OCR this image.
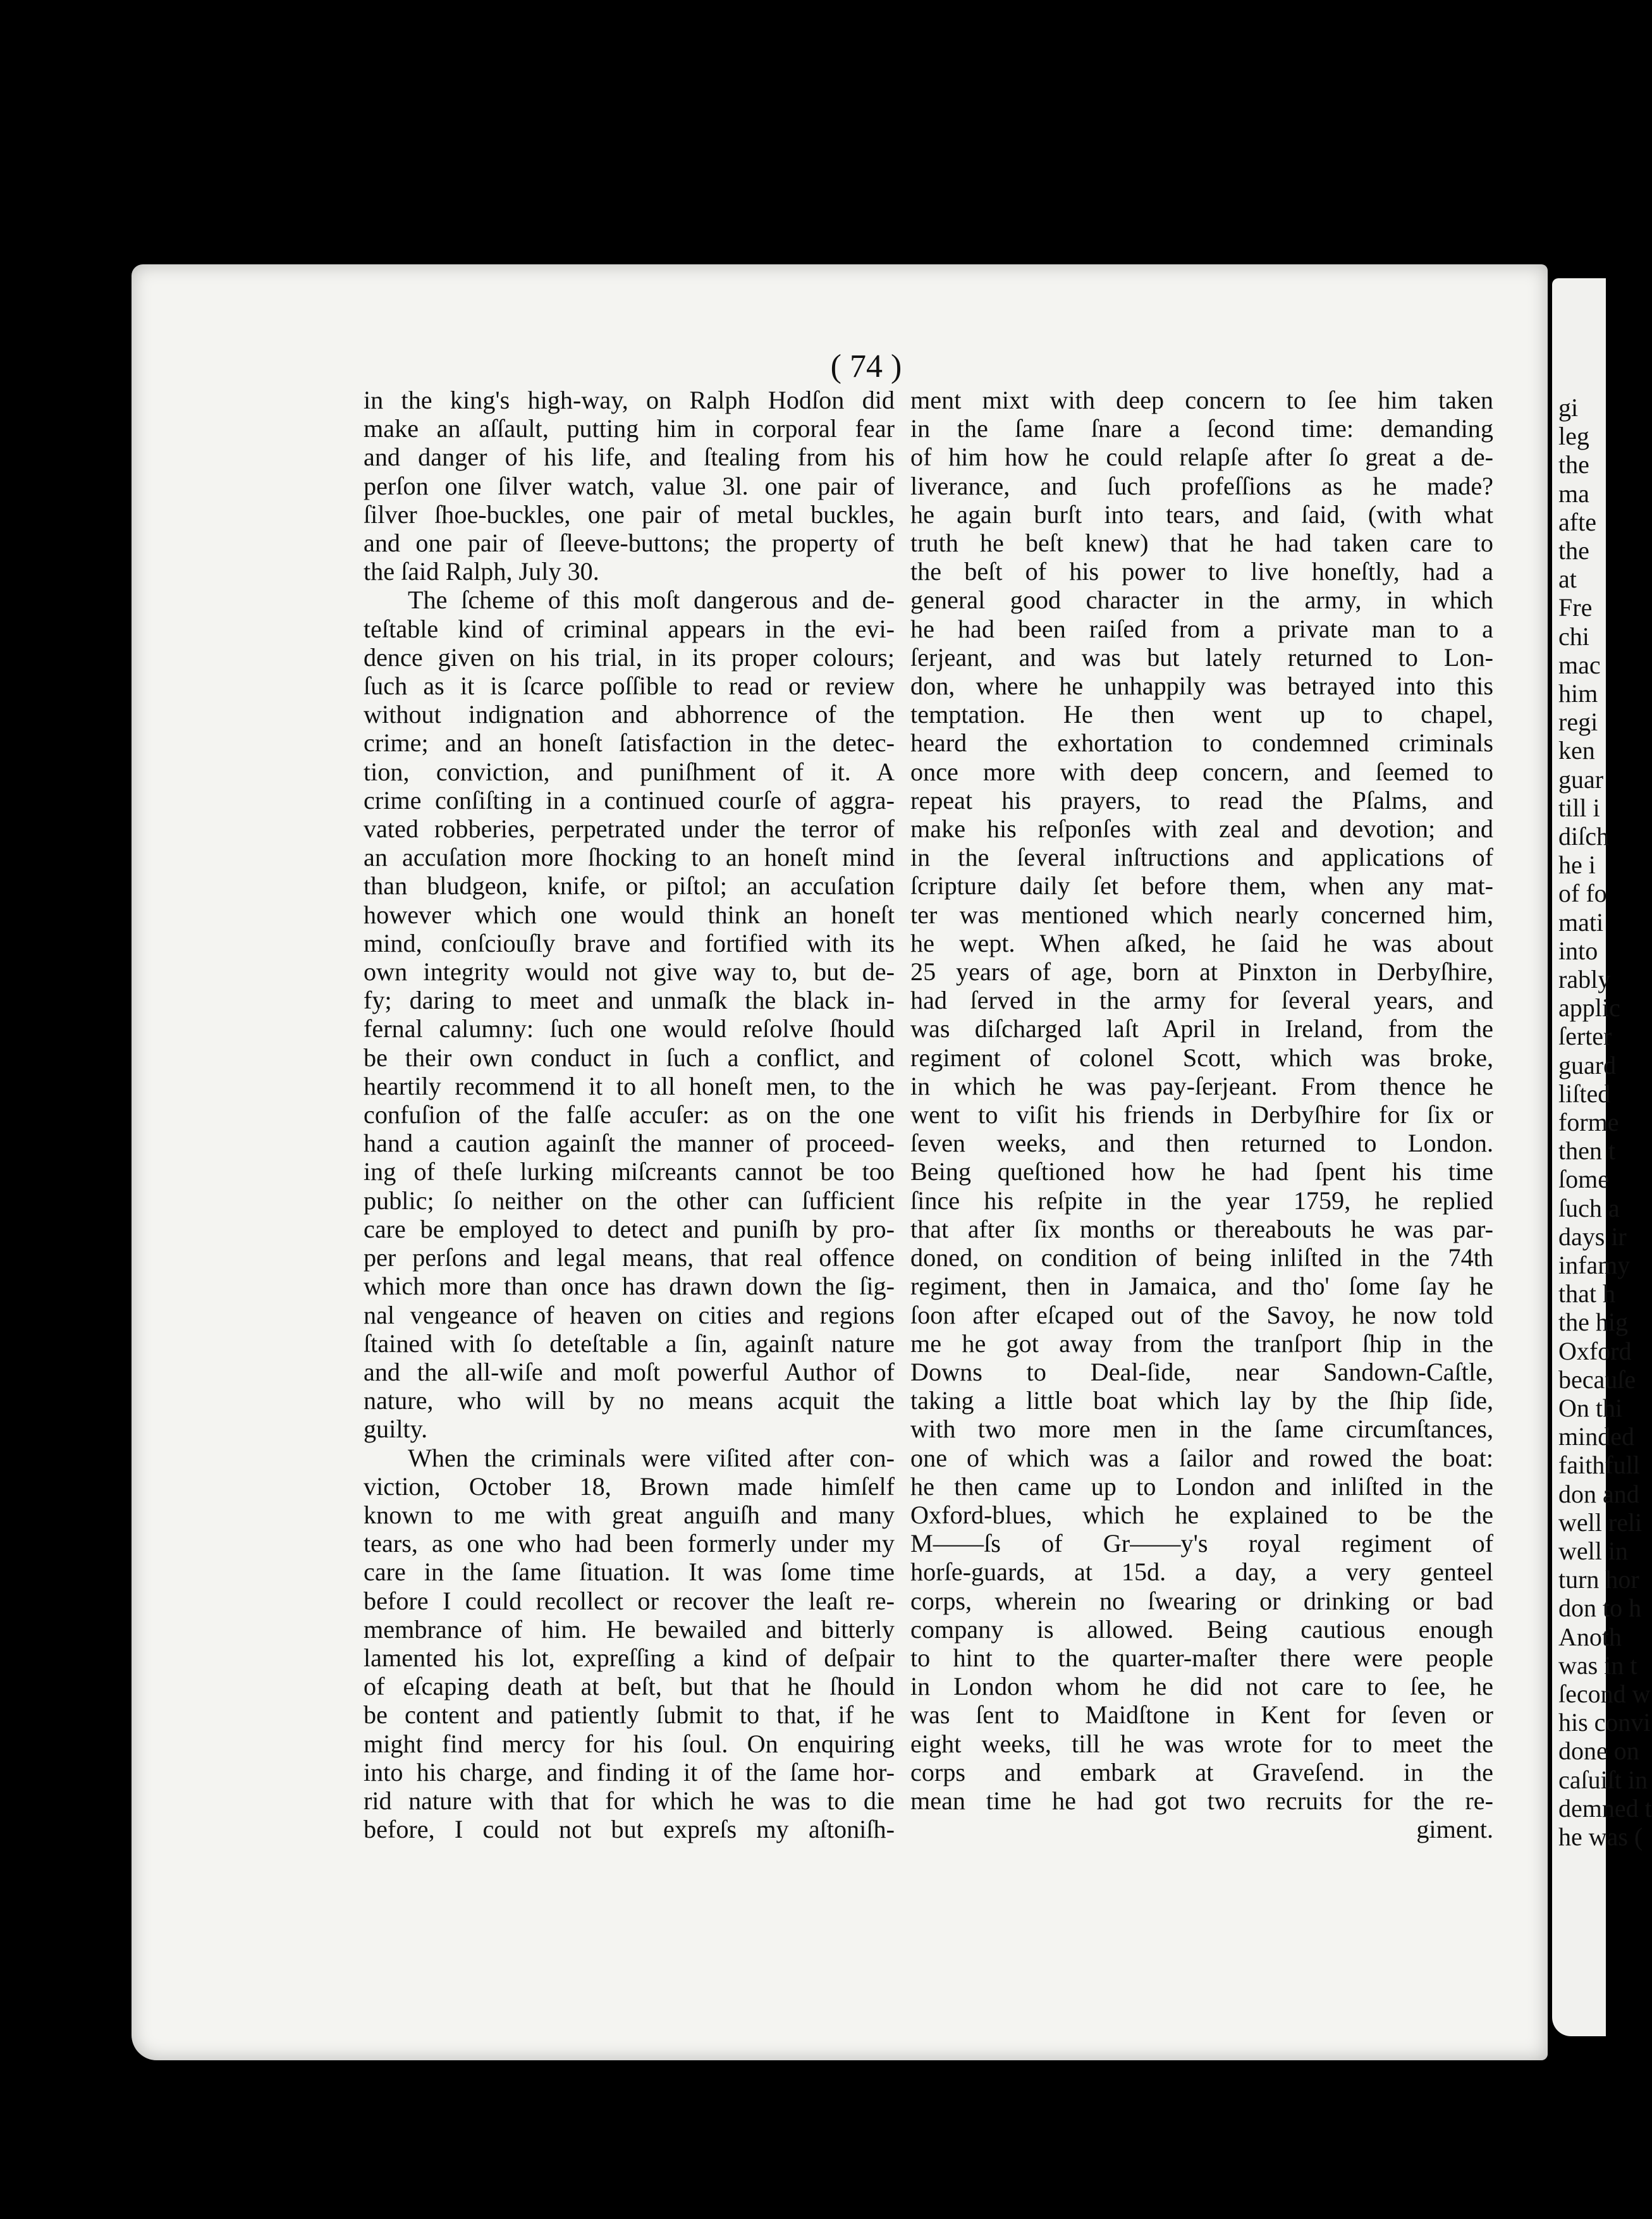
gi
leg
the
ma
afte
the
at
Fre
chi
mac
him
regi
ken
guar
till i
diſch
he i
of fo
mati
into
rably
applic
ſerter
guard
liſted
forme
then t
ſome
ſuch a
days ir
infamy
that h
the hig
Oxford
becauſe
On thi
minded
faithfull
don and
well reli
well in
turn hor
don to h
Anoth
was in t
ſecond w
his convi
done on
caſuiſt in
demned t
he was (
( 74 )
in the king's high-way, on Ralph Hodſon did
make an aſſault, putting him in corporal fear
and danger of his life, and ſtealing from his
perſon one ſilver watch, value 3l. one pair of
ſilver ſhoe-buckles, one pair of metal buckles,
and one pair of ſleeve-buttons; the property of
the ſaid Ralph, July 30.
The ſcheme of this moſt dangerous and de-
teſtable kind of criminal appears in the evi-
dence given on his trial, in its proper colours;
ſuch as it is ſcarce poſſible to read or review
without indignation and abhorrence of the
crime; and an honeſt ſatisfaction in the detec-
tion, conviction, and puniſhment of it. A
crime conſiſting in a continued courſe of aggra-
vated robberies, perpetrated under the terror of
an accuſation more ſhocking to an honeſt mind
than bludgeon, knife, or piſtol; an accuſation
however which one would think an honeſt
mind, conſciouſly brave and fortified with its
own integrity would not give way to, but de-
fy; daring to meet and unmaſk the black in-
fernal calumny: ſuch one would reſolve ſhould
be their own conduct in ſuch a conflict, and
heartily recommend it to all honeſt men, to the
confuſion of the falſe accuſer: as on the one
hand a caution againſt the manner of proceed-
ing of theſe lurking miſcreants cannot be too
public; ſo neither on the other can ſufficient
care be employed to detect and puniſh by pro-
per perſons and legal means, that real offence
which more than once has drawn down the ſig-
nal vengeance of heaven on cities and regions
ſtained with ſo deteſtable a ſin, againſt nature
and the all-wiſe and moſt powerful Author of
nature, who will by no means acquit the
guilty.
When the criminals were viſited after con-
viction, October 18, Brown made himſelf
known to me with great anguiſh and many
tears, as one who had been formerly under my
care in the ſame ſituation. It was ſome time
before I could recollect or recover the leaſt re-
membrance of him. He bewailed and bitterly
lamented his lot, expreſſing a kind of deſpair
of eſcaping death at beſt, but that he ſhould
be content and patiently ſubmit to that, if he
might find mercy for his ſoul. On enquiring
into his charge, and finding it of the ſame hor-
rid nature with that for which he was to die
before, I could not but expreſs my aſtoniſh-
ment mixt with deep concern to ſee him taken
in the ſame ſnare a ſecond time: demanding
of him how he could relapſe after ſo great a de-
liverance, and ſuch profeſſions as he made?
he again burſt into tears, and ſaid, (with what
truth he beſt knew) that he had taken care to
the beſt of his power to live honeſtly, had a
general good character in the army, in which
he had been raiſed from a private man to a
ſerjeant, and was but lately returned to Lon-
don, where he unhappily was betrayed into this
temptation. He then went up to chapel,
heard the exhortation to condemned criminals
once more with deep concern, and ſeemed to
repeat his prayers, to read the Pſalms, and
make his reſponſes with zeal and devotion; and
in the ſeveral inſtructions and applications of
ſcripture daily ſet before them, when any mat-
ter was mentioned which nearly concerned him,
he wept. When aſked, he ſaid he was about
25 years of age, born at Pinxton in Derbyſhire,
had ſerved in the army for ſeveral years, and
was diſcharged laſt April in Ireland, from the
regiment of colonel Scott, which was broke,
in which he was pay-ſerjeant. From thence he
went to viſit his friends in Derbyſhire for ſix or
ſeven weeks, and then returned to London.
Being queſtioned how he had ſpent his time
ſince his reſpite in the year 1759, he replied
that after ſix months or thereabouts he was par-
doned, on condition of being inliſted in the 74th
regiment, then in Jamaica, and tho' ſome ſay he
ſoon after eſcaped out of the Savoy, he now told
me he got away from the tranſport ſhip in the
Downs to Deal-ſide, near Sandown-Caſtle,
taking a little boat which lay by the ſhip ſide,
with two more men in the ſame circumſtances,
one of which was a ſailor and rowed the boat:
he then came up to London and inliſted in the
Oxford-blues, which he explained to be the
M——ſs of Gr——y's royal regiment of
horſe-guards, at 15d. a day, a very genteel
corps, wherein no ſwearing or drinking or bad
company is allowed. Being cautious enough
to hint to the quarter-maſter there were people
in London whom he did not care to ſee, he
was ſent to Maidſtone in Kent for ſeven or
eight weeks, till he was wrote for to meet the
corps and embark at Graveſend. in the
mean time he had got two recruits for the re-
giment.
